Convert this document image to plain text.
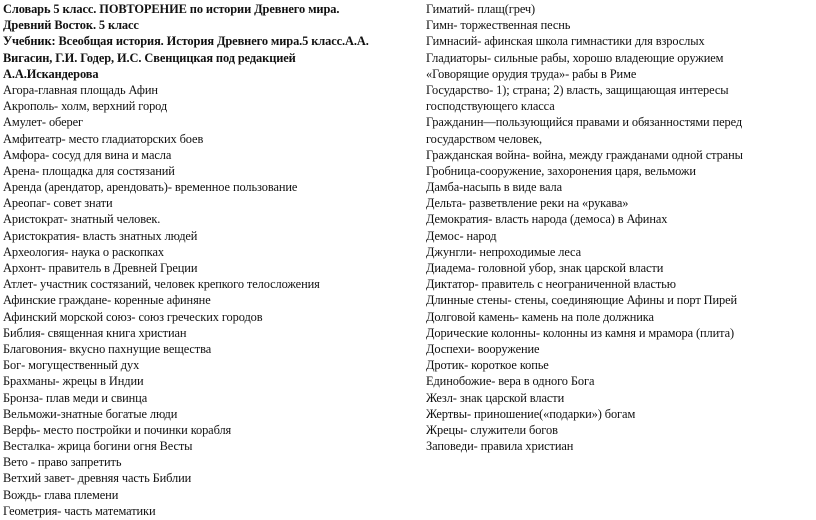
Словарь 5 класс. ПОВТОРЕНИЕ по истории Древнего мира.
Древний Восток. 5 класс
Учебник: Всеобщая история. История Древнего мира.5 класс.А.А.
Вигасин, Г.И. Годер, И.С. Свенцицкая под редакцией
А.А.Искандерова
Агора-главная площадь Афин
Акрополь- холм, верхний город
Амулет- оберег
Амфитеатр- место гладиаторских боев
Амфора- сосуд для вина и масла
Арена- площадка для состязаний
Аренда (арендатор, арендовать)- временное пользование
Ареопаг- совет знати
Аристократ- знатный человек.
Аристократия- власть знатных людей
Археология- наука о раскопках
Архонт- правитель в Древней Греции
Атлет- участник состязаний, человек крепкого телосложения
Афинские граждане- коренные афиняне
Афинский морской союз- союз греческих городов
Библия- священная книга христиан
Благовония- вкусно пахнущие вещества
Бог- могущественный дух
Брахманы- жрецы в Индии
Бронза- плав меди и свинца
Вельможи-знатные богатые люди
Верфь- место постройки и починки корабля
Весталка- жрица богини огня Весты
Вето - право запретить
Ветхий завет- древняя часть Библии
Вождь- глава племени
Геометрия- часть математики
Гиматий- плащ(греч)
Гимн- торжественная песнь
Гимнасий- афинская школа гимнастики для взрослых
Гладиаторы- сильные рабы, хорошо владеющие оружием
«Говорящие орудия труда»- рабы в Риме
Государство- 1); страна; 2) власть, защищающая интересы
господствующего класса
Гражданин—пользующийся правами и обязанностями перед
государством человек,
Гражданская война- война, между гражданами одной страны
Гробница-сооружение, захоронения царя, вельможи
Дамба-насыпь в виде вала
Дельта- разветвление реки на «рукава»
Демократия- власть народа (демоса) в Афинах
Демос- народ
Джунгли- непроходимые леса
Диадема- головной убор, знак царской власти
Диктатор- правитель с неограниченной властью
Длинные стены- стены, соединяющие Афины и порт Пирей
Долговой камень- камень на поле должника
Дорические колонны- колонны из камня и мрамора (плита)
Доспехи- вооружение
Дротик- короткое копье
Единобожие- вера в одного Бога
Жезл- знак царской власти
Жертвы- приношение(«подарки») богам
Жрецы- служители богов
Заповеди- правила христиан
